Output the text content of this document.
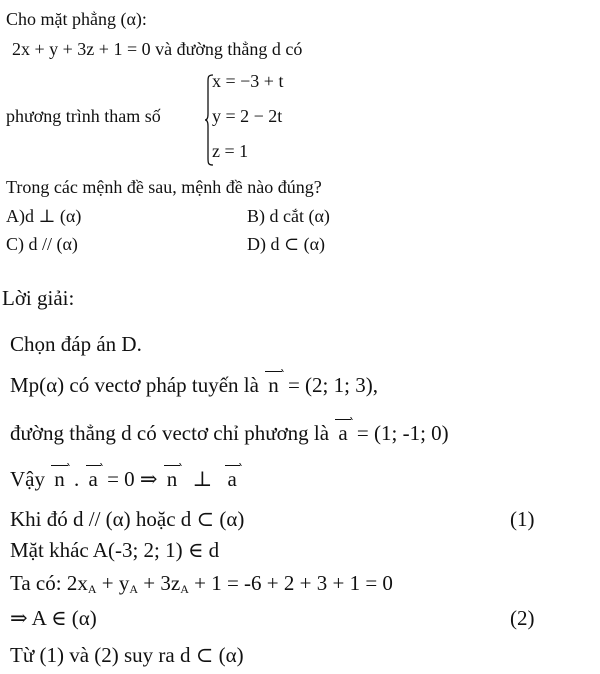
Cho mặt phẳng (α):
2x + y + 3z + 1 = 0 và đường thẳng d có
phương trình tham số
x = −3 + t
y = 2 − 2t
z = 1
Trong các mệnh đề sau, mệnh đề nào đúng?
A)d ⊥ (α)	B) d cắt (α)
C) d // (α)	D) d ⊂ (α)
Lời giải:
Chọn đáp án D.
Mp(α) có vectơ pháp tuyến là n = (2; 1; 3),
đường thẳng d có vectơ chỉ phương là a = (1; -1; 0)
Vậy n . a = 0 ⇒ n ⊥ a
Khi đó d // (α) hoặc d ⊂ (α)	(1)
Mặt khác A(-3; 2; 1) ∈ d
Ta có: $2x_A + y_A + 3z_A + 1 = -6 + 2 + 3 + 1 = 0$
⇒ A ∈ (α)	(2)
Từ (1) và (2) suy ra d ⊂ (α)
